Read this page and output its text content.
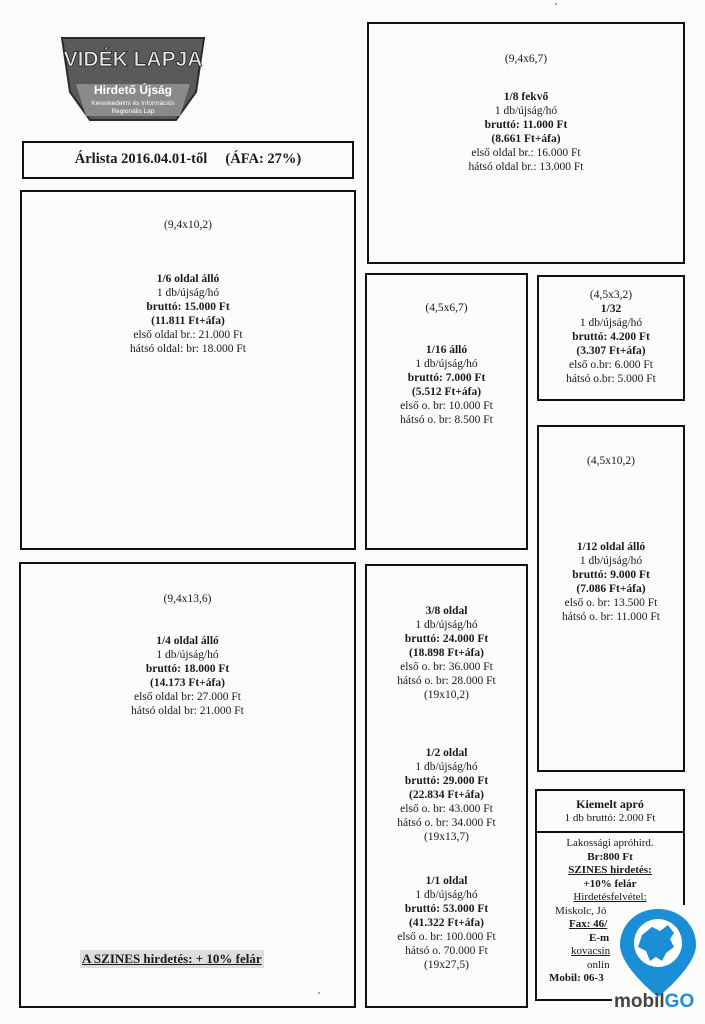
VIDÉK LAPJA
Hirdető Újság
Kereskedelmi és Információs
Regionális Lap
Árlista 2016.04.01-től (ÁFA: 27%)
(9,4x6,7)
1/8 fekvő
1 db/újság/hó
bruttó: 11.000 Ft
(8.661 Ft+áfa)
első oldal br.: 16.000 Ft
hátsó oldal br.: 13.000 Ft
(9,4x10,2)
1/6 oldal álló
1 db/újság/hó
bruttó: 15.000 Ft
(11.811 Ft+áfa)
első oldal br.: 21.000 Ft
hátsó oldal: br: 18.000 Ft
(4,5x6,7)
1/16 álló
1 db/újság/hó
bruttó: 7.000 Ft
(5.512 Ft+áfa)
első o. br: 10.000 Ft
hátsó o. br: 8.500 Ft
(4,5x3,2)
1/32
1 db/újság/hó
bruttó: 4.200 Ft
(3.307 Ft+áfa)
első o.br: 6.000 Ft
hátsó o.br: 5.000 Ft
(4,5x10,2)
1/12 oldal álló
1 db/újság/hó
bruttó: 9.000 Ft
(7.086 Ft+áfa)
első o. br: 13.500 Ft
hátsó o. br: 11.000 Ft
(9,4x13,6)
1/4 oldal álló
1 db/újság/hó
bruttó: 18.000 Ft
(14.173 Ft+áfa)
első oldal br: 27.000 Ft
hátsó oldal br: 21.000 Ft
A SZINES hirdetés: + 10% felár
3/8 oldal
1 db/újság/hó
bruttó: 24.000 Ft
(18.898 Ft+áfa)
első o. br: 36.000 Ft
hátsó o. br: 28.000 Ft
(19x10,2)
1/2 oldal
1 db/újság/hó
bruttó: 29.000 Ft
(22.834 Ft+áfa)
első o. br: 43.000 Ft
hátsó o. br: 34.000 Ft
(19x13,7)
1/1 oldal
1 db/újság/hó
bruttó: 53.000 Ft
(41.322 Ft+áfa)
első o. br: 100.000 Ft
hátsó o. 70.000 Ft
(19x27,5)
Kiemelt apró
1 db bruttó: 2.000 Ft
Lakossági apróhird.
Br:800 Ft
SZINES hirdetés:
+10% felár
Hirdetésfelvétel:
Miskolc, Jó
Fax: 46/
E-m
kovacsin
onlin
Mobil: 06-3
mobilGO
